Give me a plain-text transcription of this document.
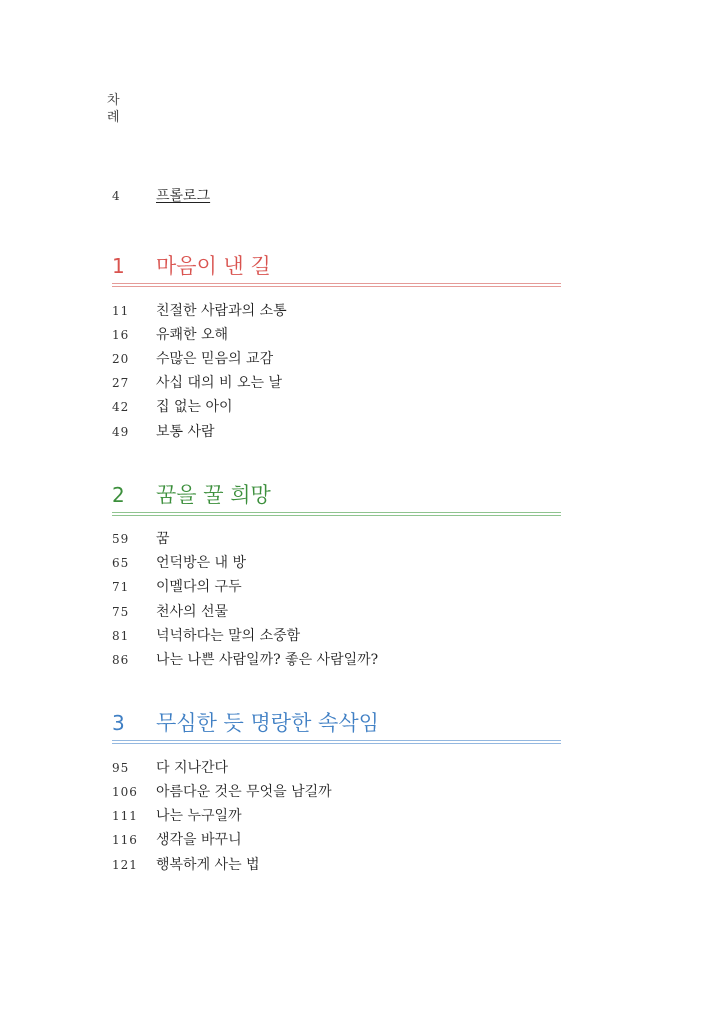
차
례
4	프롤로그
1 마음이 낸 길
11 친절한 사람과의 소통
16 유쾌한 오해
20 수많은 믿음의 교감
27 사십 대의 비 오는 날
42 집 없는 아이
49 보통 사람
2 꿈을 꿀 희망
59 꿈
65 언덕방은 내 방
71 이멜다의 구두
75 천사의 선물
81 넉넉하다는 말의 소중함
86 나는 나쁜 사람일까? 좋은 사람일까?
3 무심한 듯 명랑한 속삭임
95 다 지나간다
106 아름다운 것은 무엇을 남길까
111 나는 누구일까
116 생각을 바꾸니
121 행복하게 사는 법
